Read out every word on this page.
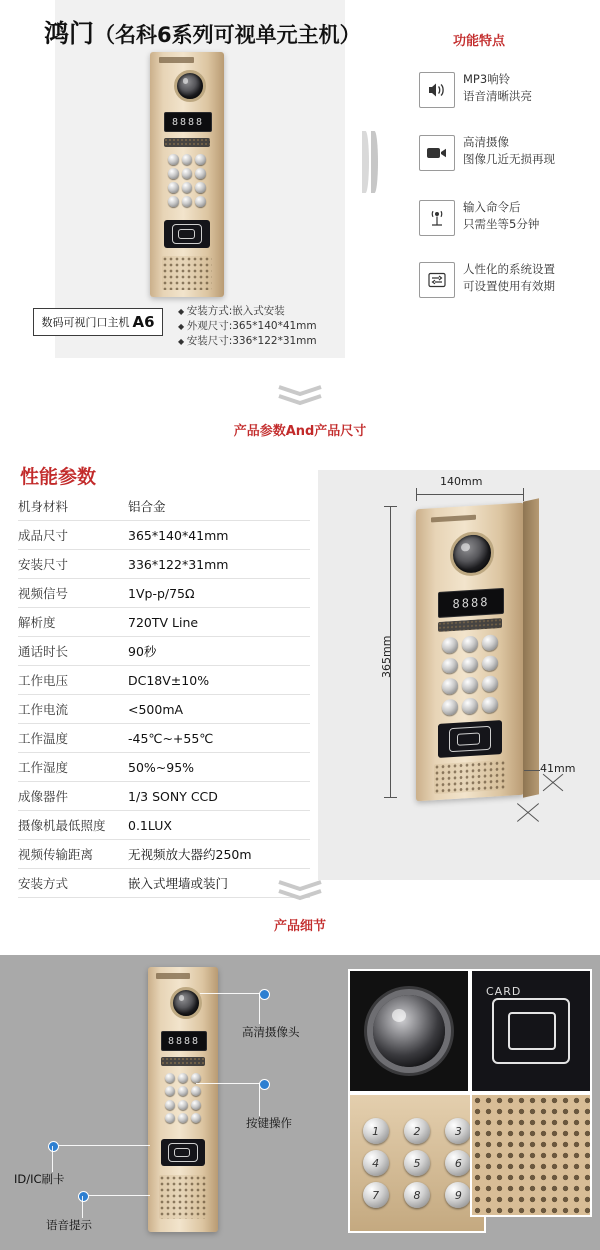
鸿门（名科6系列可视单元主机）
8888
数码可视门口主机 A6
◆ 安装方式:嵌入式安装
◆ 外观尺寸:365*140*41mm
◆ 安装尺寸:336*122*31mm
功能特点
MP3响铃
语音清晰洪亮
高清摄像
图像几近无损再现
输入命令后
只需坐等5分钟
人性化的系统设置
可设置使用有效期
产品参数And产品尺寸
性能参数
机身材料	铝合金
成品尺寸	365*140*41mm
安装尺寸	336*122*31mm
视频信号	1Vp-p/75Ω
解析度	720TV Line
通话时长	90秒
工作电压	DC18V±10%
工作电流	<500mA
工作温度	-45℃~+55℃
工作湿度	50%~95%
成像器件	1/3 SONY CCD
摄像机最低照度	0.1LUX
视频传输距离	无视频放大器约250m
安装方式	嵌入式埋墙或装门
140mm
365mm
8888
41mm
产品细节
8888
高清摄像头
按键操作
ID/IC刷卡
语音提示
CARD
1	2	3
4	5	6
7	8	9
